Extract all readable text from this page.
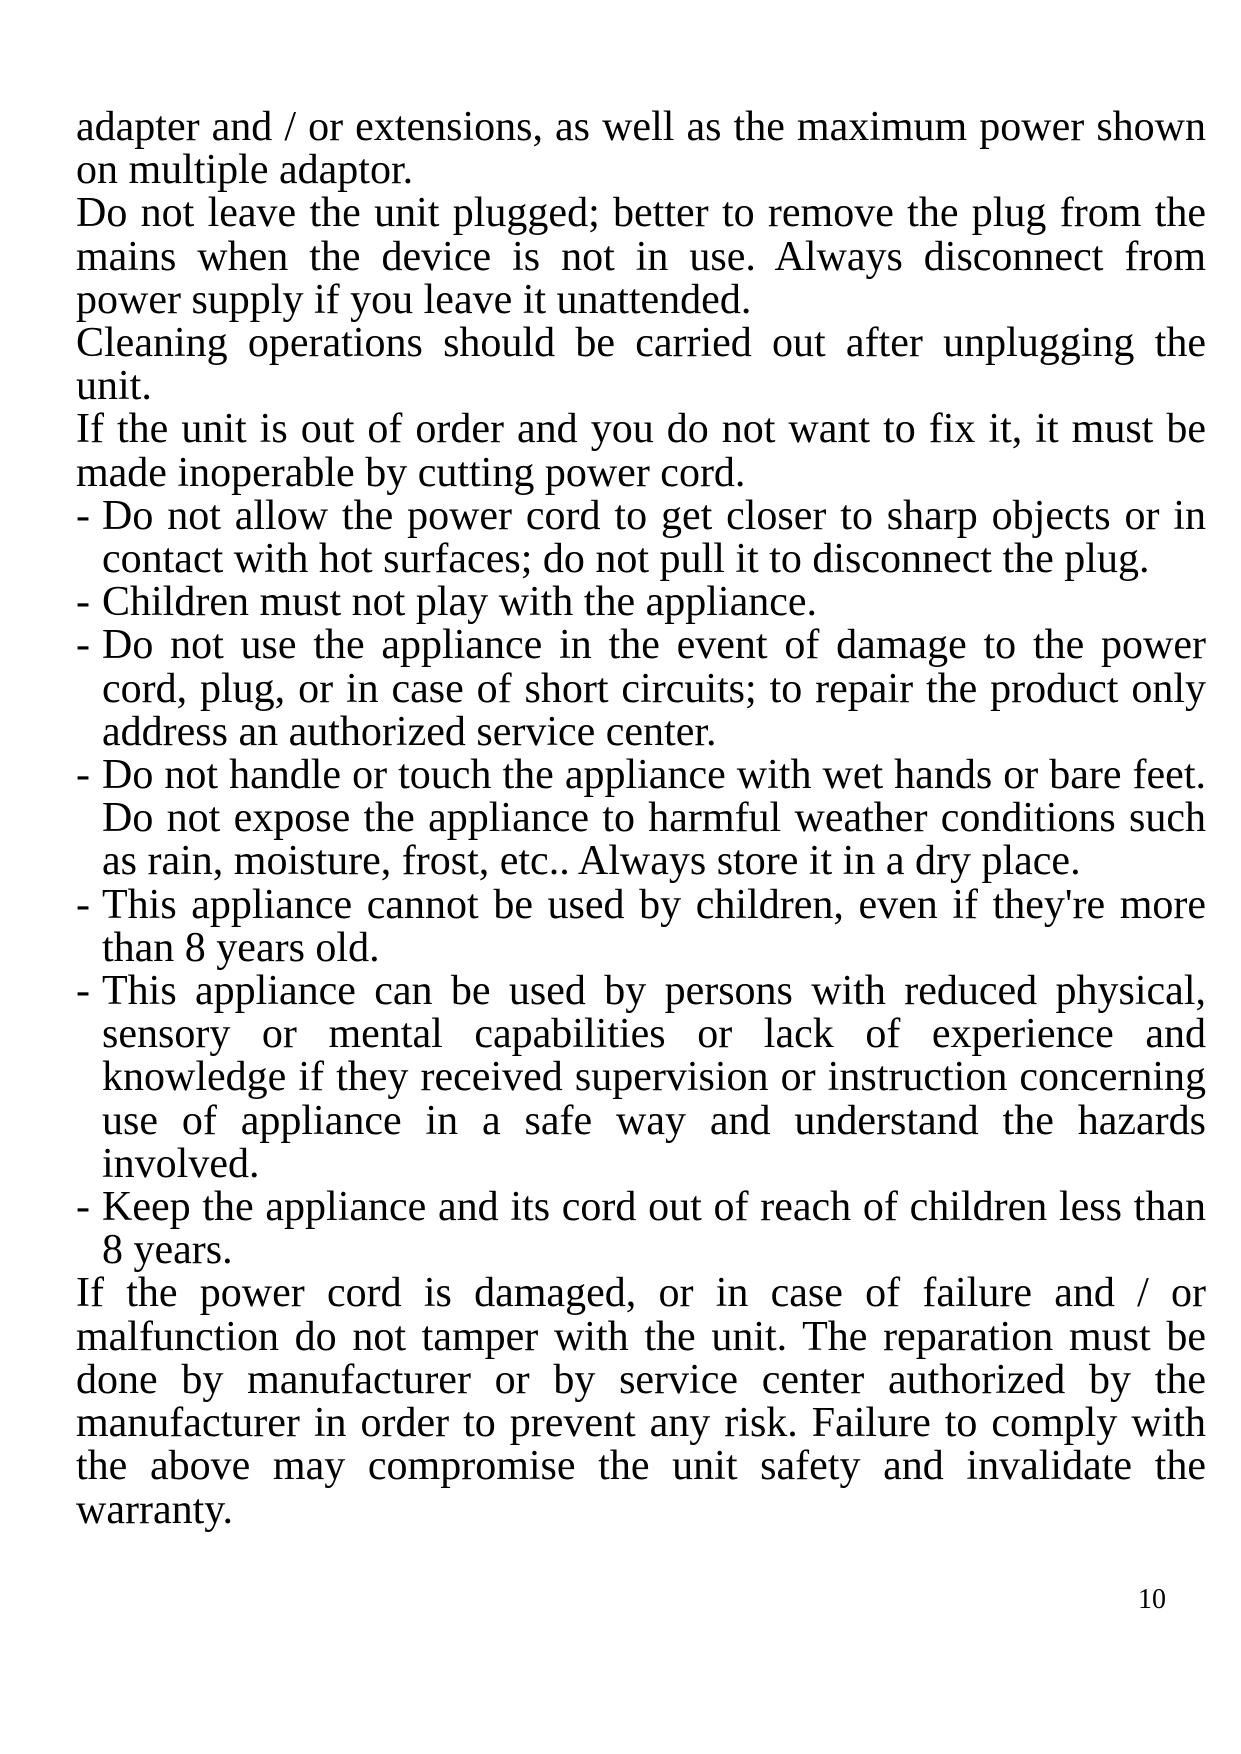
adapter and / or extensions, as well as the maximum power shown on multiple adaptor.

Do not leave the unit plugged; better to remove the plug from the mains when the device is not in use. Always disconnect from power supply if you leave it unattended.

Cleaning operations should be carried out after unplugging the unit.

If the unit is out of order and you do not want to fix it, it must be made inoperable by cutting power cord.

- Do not allow the power cord to get closer to sharp objects or in contact with hot surfaces; do not pull it to disconnect the plug.
- Children must not play with the appliance.
- Do not use the appliance in the event of damage to the power cord, plug, or in case of short circuits; to repair the product only address an authorized service center.
- Do not handle or touch the appliance with wet hands or bare feet. Do not expose the appliance to harmful weather conditions such as rain, moisture, frost, etc.. Always store it in a dry place.
- This appliance cannot be used by children, even if they're more than 8 years old.
- This appliance can be used by persons with reduced physical, sensory or mental capabilities or lack of experience and knowledge if they received supervision or instruction concerning use of appliance in a safe way and understand the hazards involved.
- Keep the appliance and its cord out of reach of children less than 8 years.

If the power cord is damaged, or in case of failure and / or malfunction do not tamper with the unit. The reparation must be done by manufacturer or by service center authorized by the manufacturer in order to prevent any risk. Failure to comply with the above may compromise the unit safety and invalidate the warranty.

10
